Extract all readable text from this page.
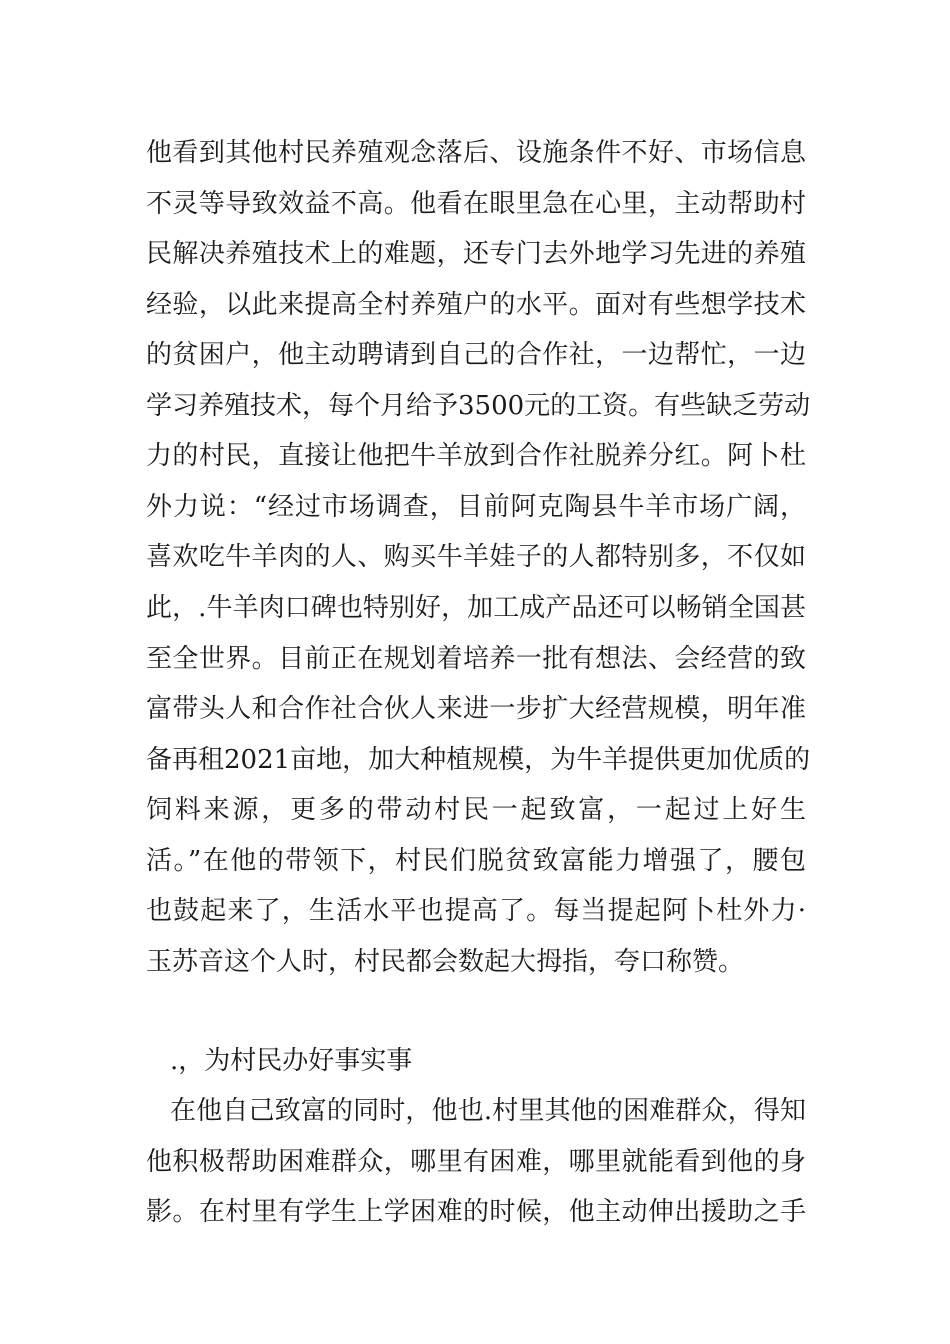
他看到其他村民养殖观念落后、设施条件不好、市场信息
不灵等导致效益不高。他看在眼里急在心里，主动帮助村
民解决养殖技术上的难题，还专门去外地学习先进的养殖
经验，以此来提高全村养殖户的水平。面对有些想学技术
的贫困户，他主动聘请到自己的合作社，一边帮忙，一边
学习养殖技术，每个月给予3500元的工资。有些缺乏劳动
力的村民，直接让他把牛羊放到合作社脱养分红。阿卜杜
外力说：“经过市场调查，目前阿克陶县牛羊市场广阔，
喜欢吃牛羊肉的人、购买牛羊娃子的人都特别多，不仅如
此，.牛羊肉口碑也特别好，加工成产品还可以畅销全国甚
至全世界。目前正在规划着培养一批有想法、会经营的致
富带头人和合作社合伙人来进一步扩大经营规模，明年准
备再租2021亩地，加大种植规模，为牛羊提供更加优质的
饲料来源，更多的带动村民一起致富，一起过上好生
活。”在他的带领下，村民们脱贫致富能力增强了，腰包
也鼓起来了，生活水平也提高了。每当提起阿卜杜外力·
玉苏音这个人时，村民都会数起大拇指，夸口称赞。
.，为村民办好事实事
在他自己致富的同时，他也.村里其他的困难群众，得知
他积极帮助困难群众，哪里有困难，哪里就能看到他的身
影。在村里有学生上学困难的时候，他主动伸出援助之手
